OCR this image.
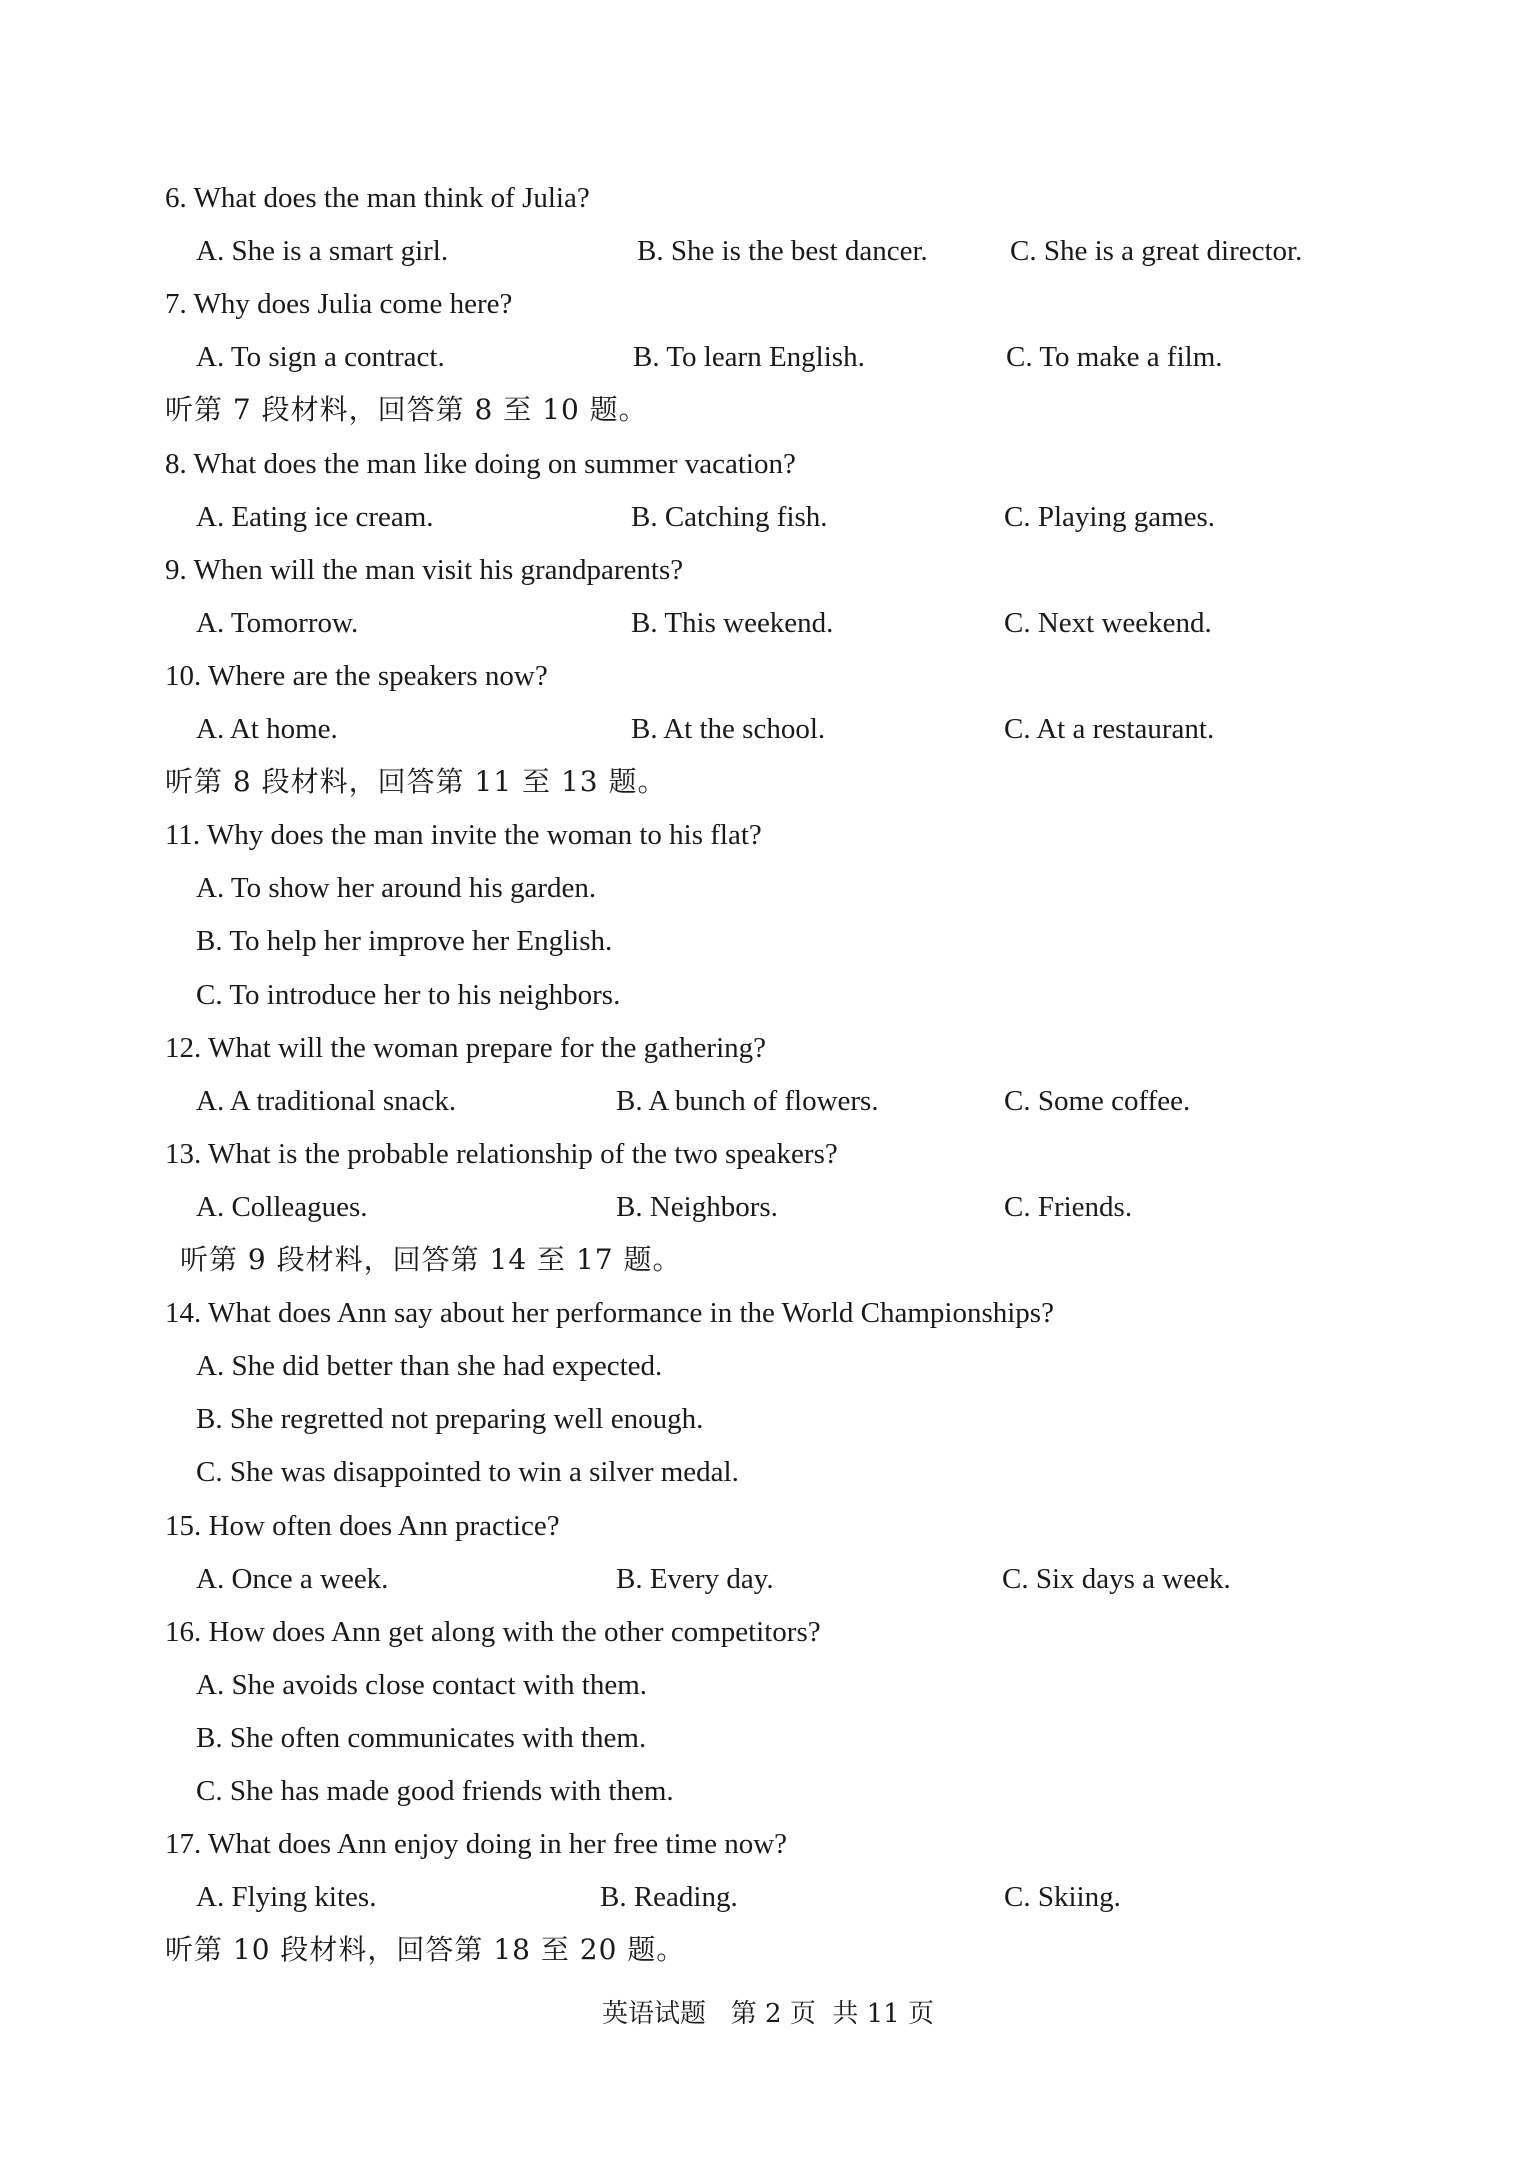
6. What does the man think of Julia?
A. She is a smart girl.	B. She is the best dancer.	C. She is a great director.
7. Why does Julia come here?
A. To sign a contract.	B. To learn English.	C. To make a film.
听第 7 段材料，回答第 8 至 10 题。
8. What does the man like doing on summer vacation?
A. Eating ice cream.	B. Catching fish.	C. Playing games.
9. When will the man visit his grandparents?
A. Tomorrow.	B. This weekend.	C. Next weekend.
10. Where are the speakers now?
A. At home.	B. At the school.	C. At a restaurant.
听第 8 段材料，回答第 11 至 13 题。
11. Why does the man invite the woman to his flat?
A. To show her around his garden.
B. To help her improve her English.
C. To introduce her to his neighbors.
12. What will the woman prepare for the gathering?
A. A traditional snack.	B. A bunch of flowers.	C. Some coffee.
13. What is the probable relationship of the two speakers?
A. Colleagues.	B. Neighbors.	C. Friends.
听第 9 段材料，回答第 14 至 17 题。
14. What does Ann say about her performance in the World Championships?
A. She did better than she had expected.
B. She regretted not preparing well enough.
C. She was disappointed to win a silver medal.
15. How often does Ann practice?
A. Once a week.	B. Every day.	C. Six days a week.
16. How does Ann get along with the other competitors?
A. She avoids close contact with them.
B. She often communicates with them.
C. She has made good friends with them.
17. What does Ann enjoy doing in her free time now?
A. Flying kites.	B. Reading.	C. Skiing.
听第 10 段材料，回答第 18 至 20 题。
英语试题   第 2 页  共 11 页
